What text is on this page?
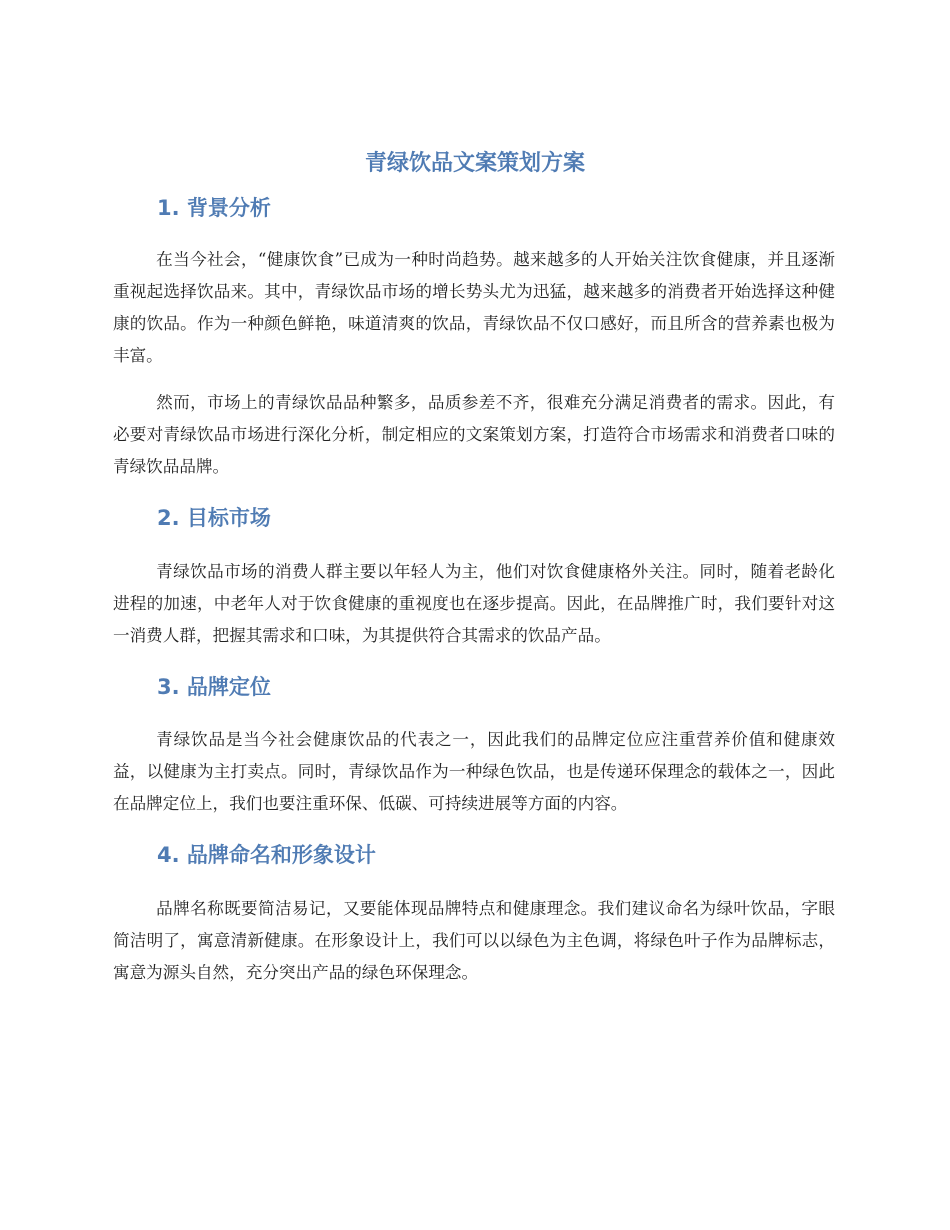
青绿饮品文案策划方案
1. 背景分析

在当今社会，“健康饮食”已成为一种时尚趋势。越来越多的人开始关注饮食健康，并且逐渐重视起选择饮品来。其中，青绿饮品市场的增长势头尤为迅猛，越来越多的消费者开始选择这种健康的饮品。作为一种颜色鲜艳，味道清爽的饮品，青绿饮品不仅口感好，而且所含的营养素也极为丰富。

然而，市场上的青绿饮品品种繁多，品质参差不齐，很难充分满足消费者的需求。因此，有必要对青绿饮品市场进行深化分析，制定相应的文案策划方案，打造符合市场需求和消费者口味的青绿饮品品牌。

2. 目标市场

青绿饮品市场的消费人群主要以年轻人为主，他们对饮食健康格外关注。同时，随着老龄化进程的加速，中老年人对于饮食健康的重视度也在逐步提高。因此，在品牌推广时，我们要针对这一消费人群，把握其需求和口味，为其提供符合其需求的饮品产品。

3. 品牌定位

青绿饮品是当今社会健康饮品的代表之一，因此我们的品牌定位应注重营养价值和健康效益，以健康为主打卖点。同时，青绿饮品作为一种绿色饮品，也是传递环保理念的载体之一，因此在品牌定位上，我们也要注重环保、低碳、可持续进展等方面的内容。

4. 品牌命名和形象设计

品牌名称既要简洁易记，又要能体现品牌特点和健康理念。我们建议命名为绿叶饮品，字眼简洁明了，寓意清新健康。在形象设计上，我们可以以绿色为主色调，将绿色叶子作为品牌标志，寓意为源头自然，充分突出产品的绿色环保理念。
